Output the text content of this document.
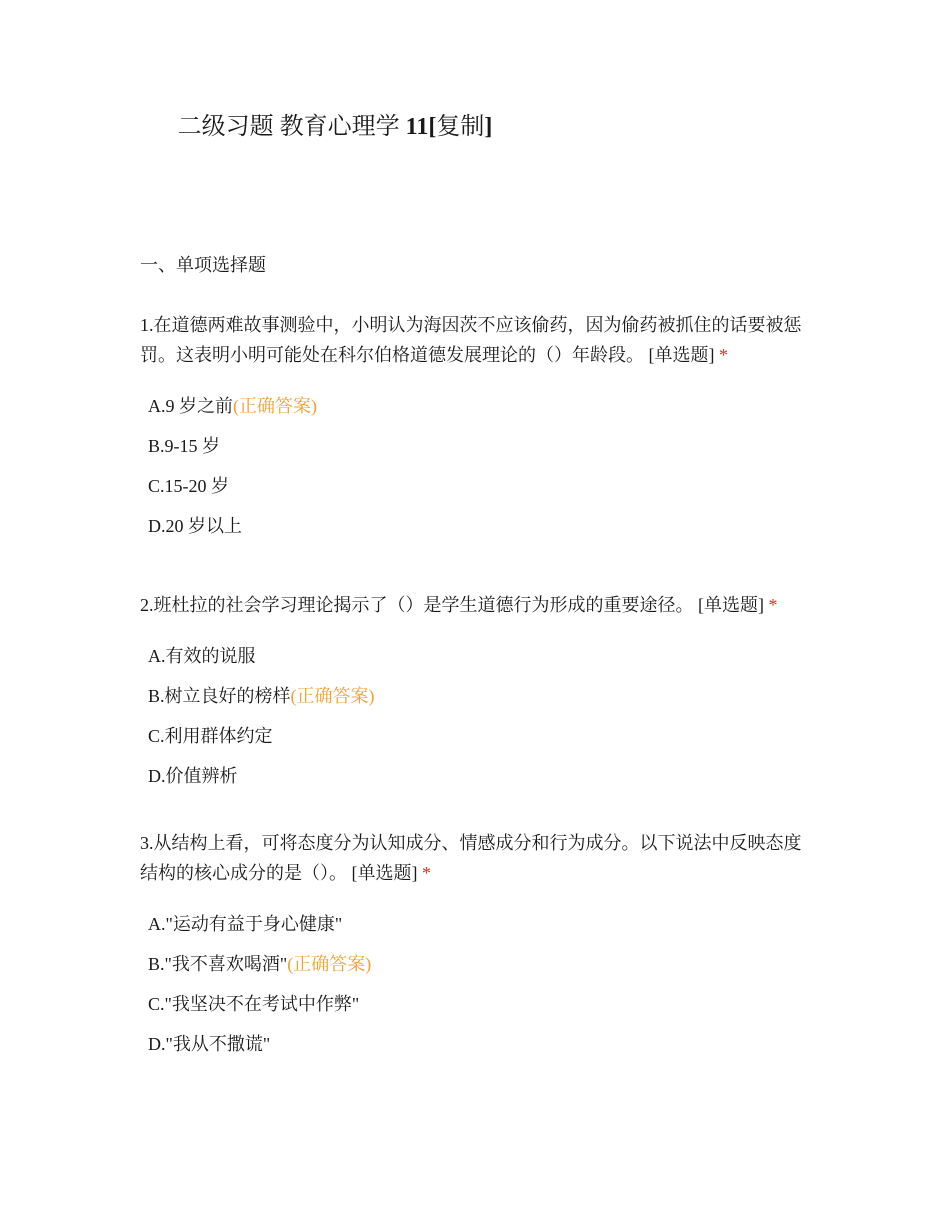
二级习题 教育心理学 11[复制]
一、单项选择题

1.在道德两难故事测验中，小明认为海因茨不应该偷药，因为偷药被抓住的话要被惩罚。这表明小明可能处在科尔伯格道德发展理论的（）年龄段。 [单选题] *

A.9 岁之前(正确答案)
B.9-15 岁
C.15-20 岁
D.20 岁以上

2.班杜拉的社会学习理论揭示了（）是学生道德行为形成的重要途径。 [单选题] *

A.有效的说服
B.树立良好的榜样(正确答案)
C.利用群体约定
D.价值辨析

3.从结构上看，可将态度分为认知成分、情感成分和行为成分。以下说法中反映态度结构的核心成分的是（）。 [单选题] *

A."运动有益于身心健康"
B."我不喜欢喝酒"(正确答案)
C."我坚决不在考试中作弊"
D."我从不撒谎"
